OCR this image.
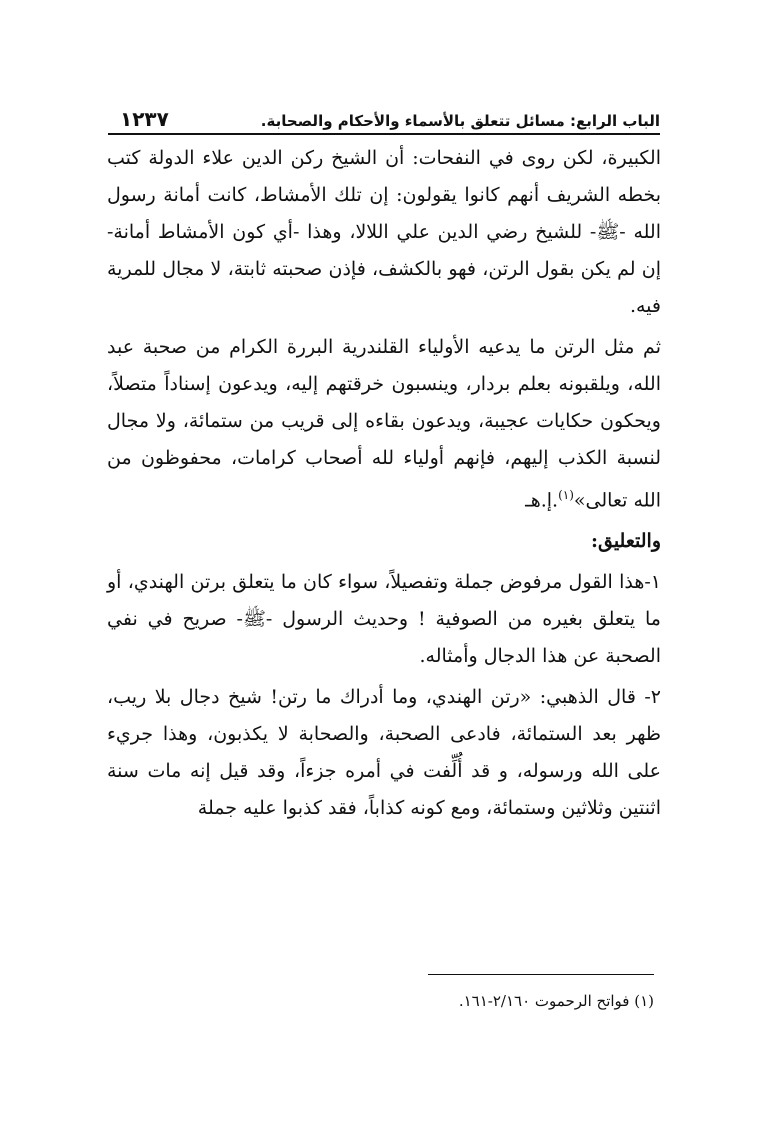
الباب الرابع: مسائل تتعلق بالأسماء والأحكام والصحابة.
١٢٣٧

الكبيرة، لكن روى في النفحات: أن الشيخ ركن الدين علاء الدولة كتب بخطه الشريف أنهم كانوا يقولون: إن تلك الأمشاط، كانت أمانة رسول الله -ﷺ- للشيخ رضي الدين علي اللالا، وهذا -أي كون الأمشاط أمانة- إن لم يكن بقول الرتن، فهو بالكشف، فإذن صحبته ثابتة، لا مجال للمرية فيه.

ثم مثل الرتن ما يدعيه الأولياء القلندرية البررة الكرام من صحبة عبد الله، ويلقبونه بعلم بردار، وينسبون خرقتهم إليه، ويدعون إسناداً متصلاً، ويحكون حكايات عجيبة، ويدعون بقاءه إلى قريب من ستمائة، ولا مجال لنسبة الكذب إليهم، فإنهم أولياء لله أصحاب كرامات، محفوظون من الله تعالى»$^{(١)}$.إ.هـ

والتعليق:

١-هذا القول مرفوض جملة وتفصيلاً، سواء كان ما يتعلق برتن الهندي، أو ما يتعلق بغيره من الصوفية ! وحديث الرسول -ﷺ- صريح في نفي الصحبة عن هذا الدجال وأمثاله.

٢- قال الذهبي: «رتن الهندي، وما أدراك ما رتن! شيخ دجال بلا ريب، ظهر بعد الستمائة، فادعى الصحبة، والصحابة لا يكذبون، وهذا جريء على الله ورسوله، و قد أُلِّفت في أمره جزءاً، وقد قيل إنه مات سنة اثنتين وثلاثين وستمائة، ومع كونه كذاباً، فقد كذبوا عليه جملة

(١) فواتح الرحموت ٢/١٦٠-١٦١.
